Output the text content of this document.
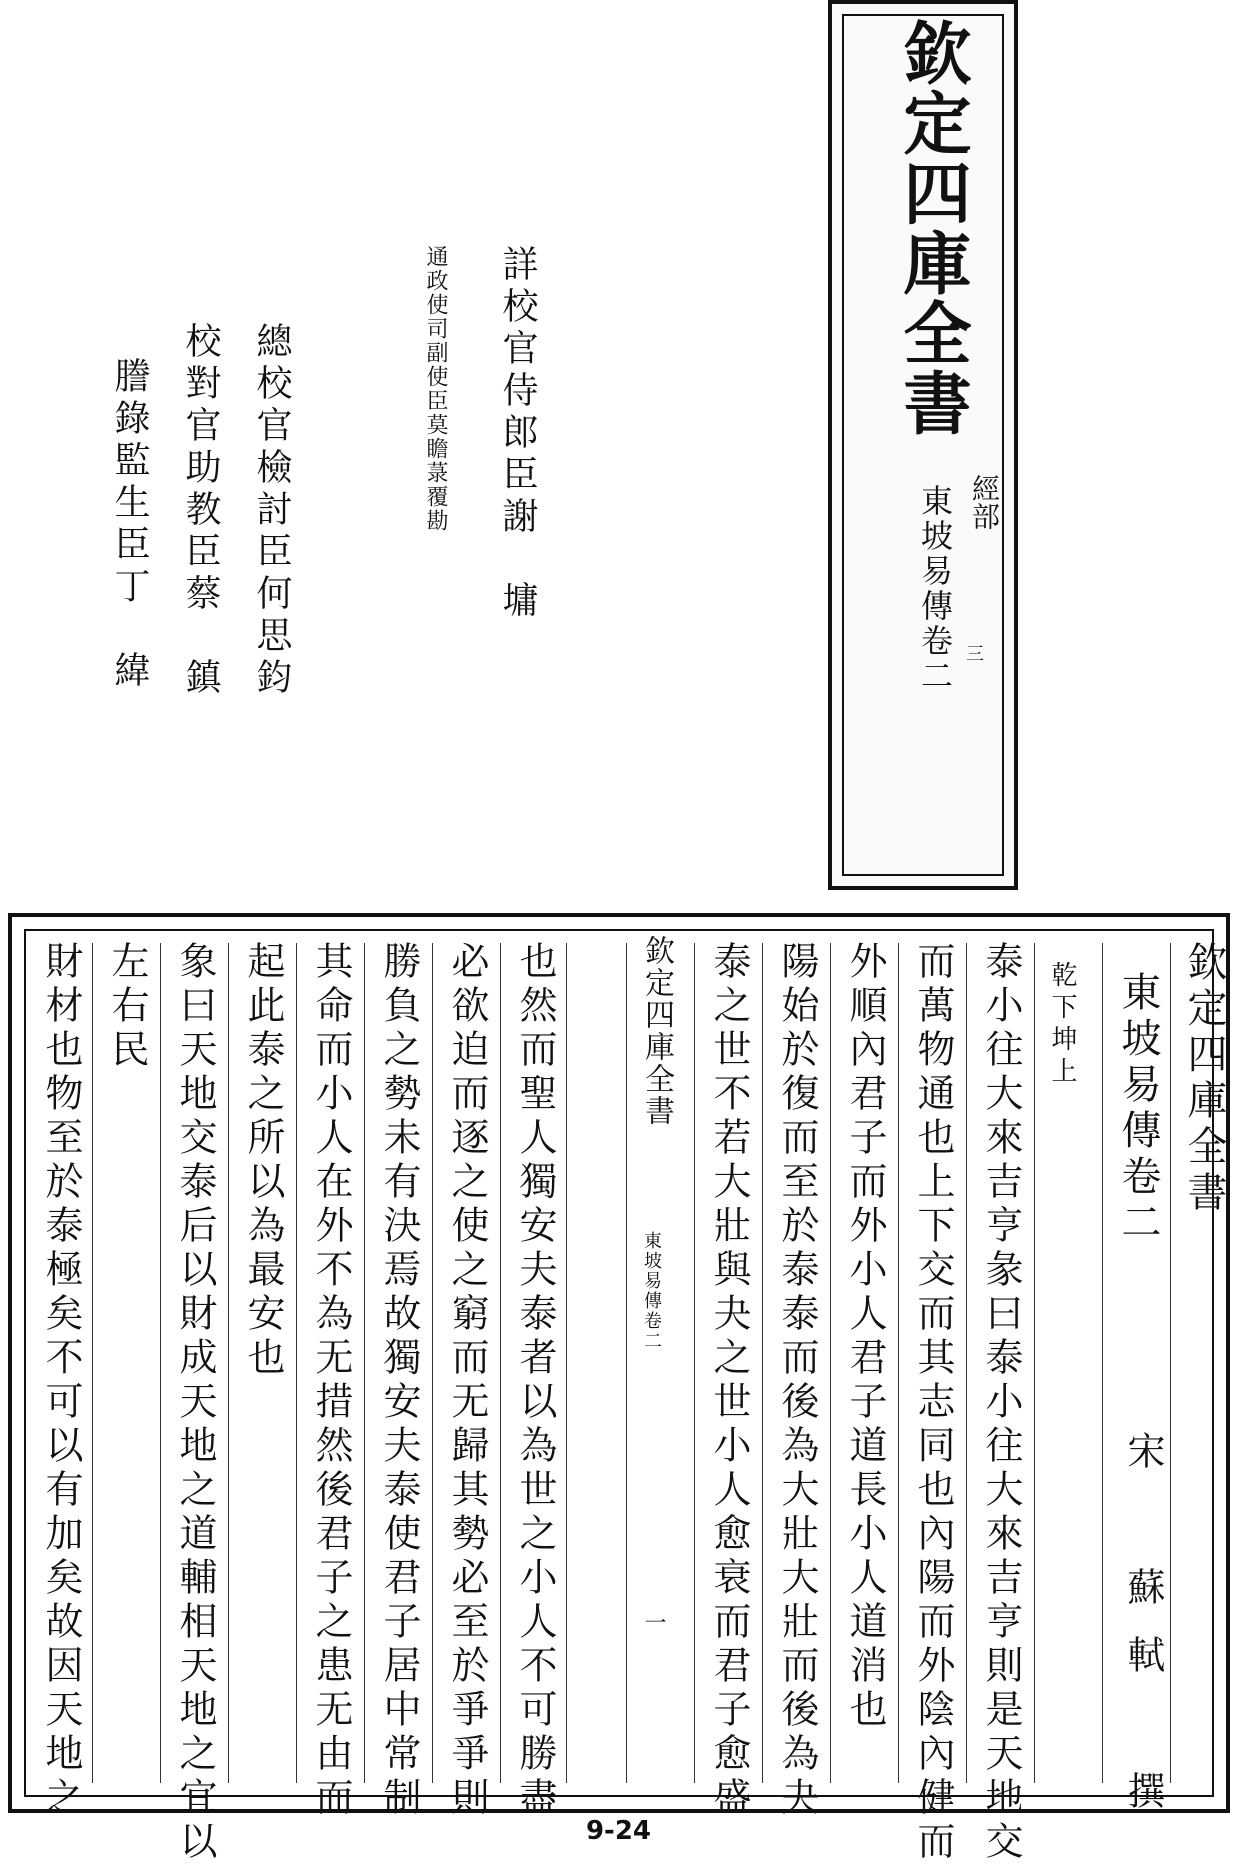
欽定四庫全書
經部
東坡易傳卷二 三
詳校官侍郎臣謝　墉
通政使司副使臣莫瞻菉覆勘
總校官檢討臣何思鈞
校對官助教臣蔡　鎮
謄錄監生臣丁　緯
欽定四庫全書
東坡易傳卷二
宋　蘇軾　撰
乾下坤上
泰小往大來吉亨彖曰泰小往大來吉亨則是天地交
而萬物通也上下交而其志同也內陽而外陰內健而
外順內君子而外小人君子道長小人道消也
陽始於復而至於泰泰而後為大壯大壯而後為夬
泰之世不若大壯與夬之世小人愈衰而君子愈盛
欽定四庫全書
東坡易傳卷二
一
也然而聖人獨安夫泰者以為世之小人不可勝盡
必欲迫而逐之使之窮而无歸其勢必至於爭爭則
勝負之勢未有決焉故獨安夫泰使君子居中常制
其命而小人在外不為无措然後君子之患无由而
起此泰之所以為最安也
象曰天地交泰后以財成天地之道輔相天地之宜以
左右民
財材也物至於泰極矣不可以有加矣故因天地之
9-24
